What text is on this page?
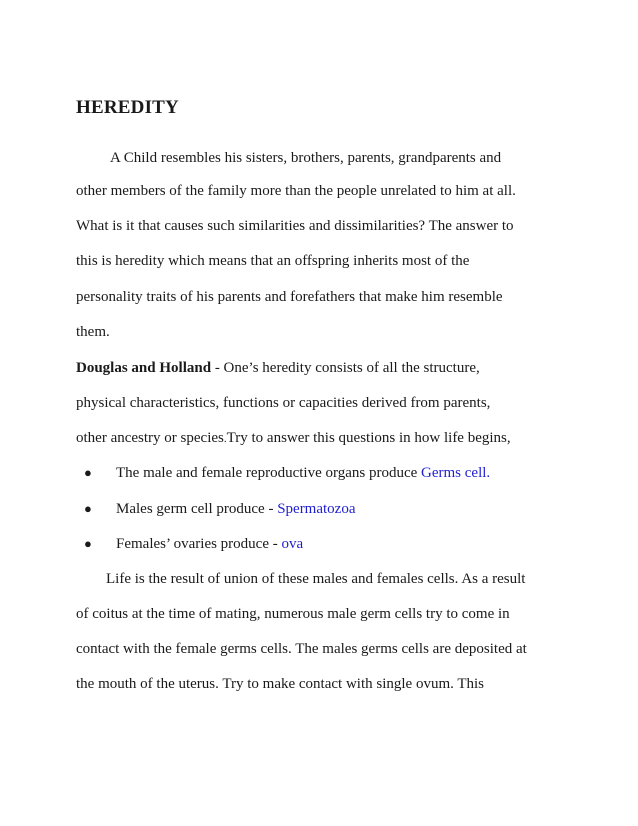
HEREDITY
A Child resembles his sisters, brothers, parents, grandparents and
other members of the family more than the people unrelated to him at all.
What is it that causes such similarities and dissimilarities? The answer to
this is heredity which means that an offspring inherits most of the
personality traits of his parents and forefathers that make him resemble
them.
Douglas and Holland - One’s heredity consists of all the structure,
physical characteristics, functions or capacities derived from parents,
other ancestry or species.Try to answer this questions in how life begins,
● The male and female reproductive organs produce Germs cell.
● Males germ cell produce - Spermatozoa
● Females’ ovaries produce - ova
Life is the result of union of these males and females cells. As a result
of coitus at the time of mating, numerous male germ cells try to come in
contact with the female germs cells. The males germs cells are deposited at
the mouth of the uterus. Try to make contact with single ovum. This
